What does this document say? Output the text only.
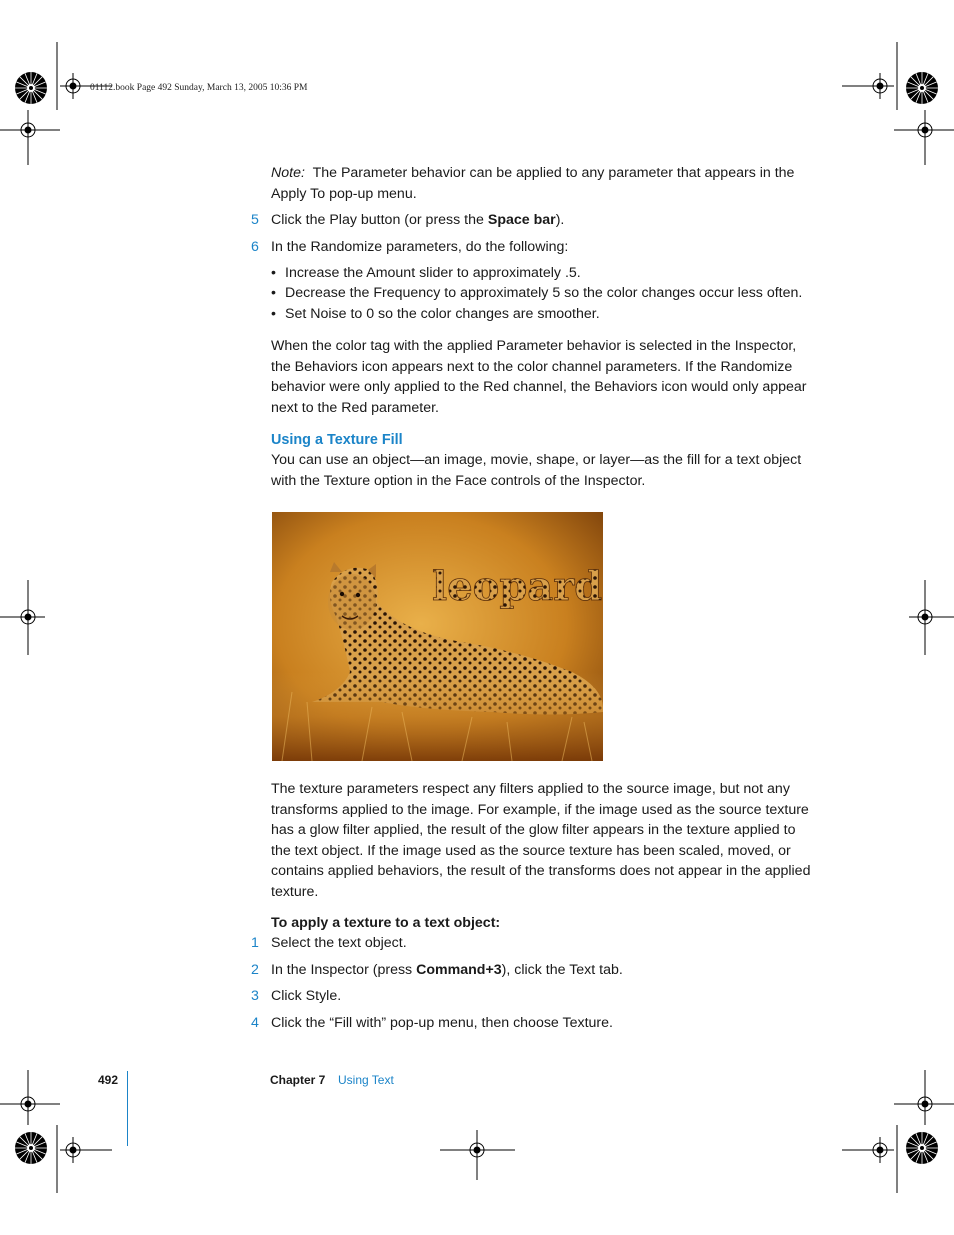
01112.book Page 492 Sunday, March 13, 2005 10:36 PM
Note: The Parameter behavior can be applied to any parameter that appears in the
Apply To pop-up menu.
5 Click the Play button (or press the Space bar).
6 In the Randomize parameters, do the following:
• Increase the Amount slider to approximately .5.
• Decrease the Frequency to approximately 5 so the color changes occur less often.
• Set Noise to 0 so the color changes are smoother.
When the color tag with the applied Parameter behavior is selected in the Inspector,
the Behaviors icon appears next to the color channel parameters. If the Randomize
behavior were only applied to the Red channel, the Behaviors icon would only appear
next to the Red parameter.
Using a Texture Fill
You can use an object—an image, movie, shape, or layer—as the fill for a text object
with the Texture option in the Face controls of the Inspector.
leopard
The texture parameters respect any filters applied to the source image, but not any
transforms applied to the image. For example, if the image used as the source texture
has a glow filter applied, the result of the glow filter appears in the texture applied to
the text object. If the image used as the source texture has been scaled, moved, or
contains applied behaviors, the result of the transforms does not appear in the applied
texture.
To apply a texture to a text object:
1 Select the text object.
2 In the Inspector (press Command+3), click the Text tab.
3 Click Style.
4 Click the “Fill with” pop-up menu, then choose Texture.
492	Chapter 7 Using Text
